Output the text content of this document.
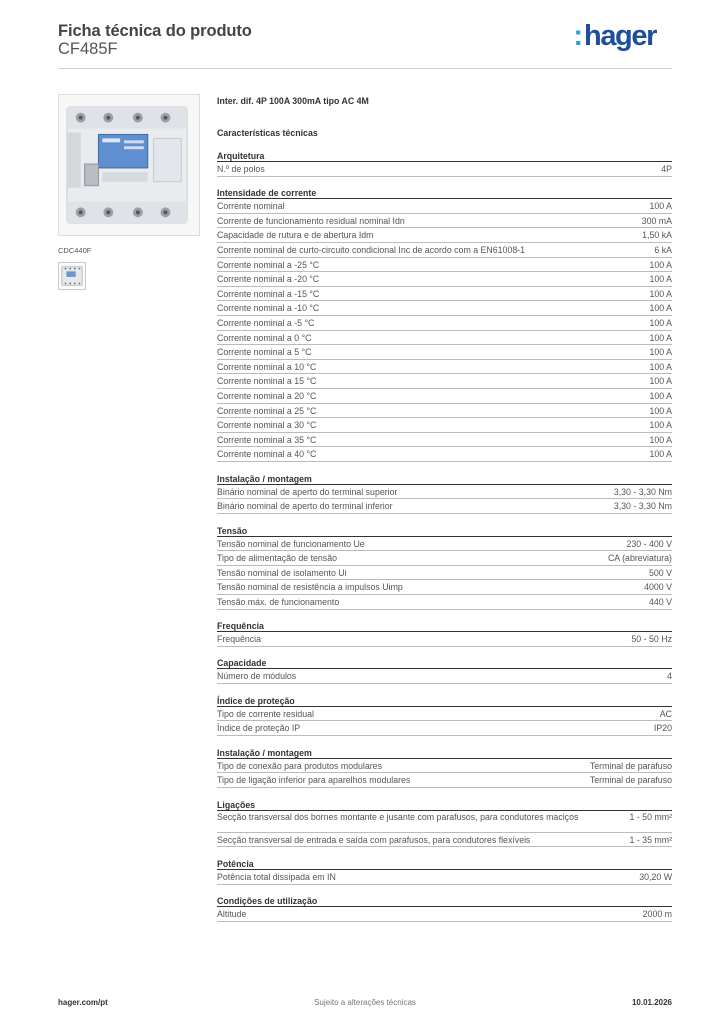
Ficha técnica do produto
CF485F	:hager
CDC440F
Inter. dif. 4P 100A 300mA tipo AC 4M
Características técnicas
Arquitetura
N.º de polos	4P
Intensidade de corrente
Corrente nominal	100 A
Corrente de funcionamento residual nominal Idn	300 mA
Capacidade de rutura e de abertura Idm	1,50 kA
Corrente nominal de curto-circuito condicional Inc de acordo com a EN61008-1	6 kA
Corrente nominal a -25 °C	100 A
Corrente nominal a -20 °C	100 A
Corrente nominal a -15 °C	100 A
Corrente nominal a -10 °C	100 A
Corrente nominal a -5 °C	100 A
Corrente nominal a 0 °C	100 A
Corrente nominal a 5 °C	100 A
Corrente nominal a 10 °C	100 A
Corrente nominal a 15 °C	100 A
Corrente nominal a 20 °C	100 A
Corrente nominal a 25 °C	100 A
Corrente nominal a 30 °C	100 A
Corrente nominal a 35 °C	100 A
Corrente nominal a 40 °C	100 A
Instalação / montagem
Binário nominal de aperto do terminal superior	3,30 - 3,30 Nm
Binário nominal de aperto do terminal inferior	3,30 - 3,30 Nm
Tensão
Tensão nominal de funcionamento Ue	230 - 400 V
Tipo de alimentação de tensão	CA (abreviatura)
Tensão nominal de isolamento Ui	500 V
Tensão nominal de resistência a impulsos Uimp	4000 V
Tensão máx. de funcionamento	440 V
Frequência
Frequência	50 - 50 Hz
Capacidade
Número de módulos	4
Índice de proteção
Tipo de corrente residual	AC
Índice de proteção IP	IP20
Instalação / montagem
Tipo de conexão para produtos modulares	Terminal de parafuso
Tipo de ligação inferior para aparelhos modulares	Terminal de parafuso
Ligações
Secção transversal dos bornes montante e jusante com parafusos, para condutores maciços	1 - 50 mm²
Secção transversal de entrada e saída com parafusos, para condutores flexíveis	1 - 35 mm²
Potência
Potência total dissipada em IN	30,20 W
Condições de utilização
Altitude	2000 m
hager.com/pt	Sujeito a alterações técnicas	10.01.2026
